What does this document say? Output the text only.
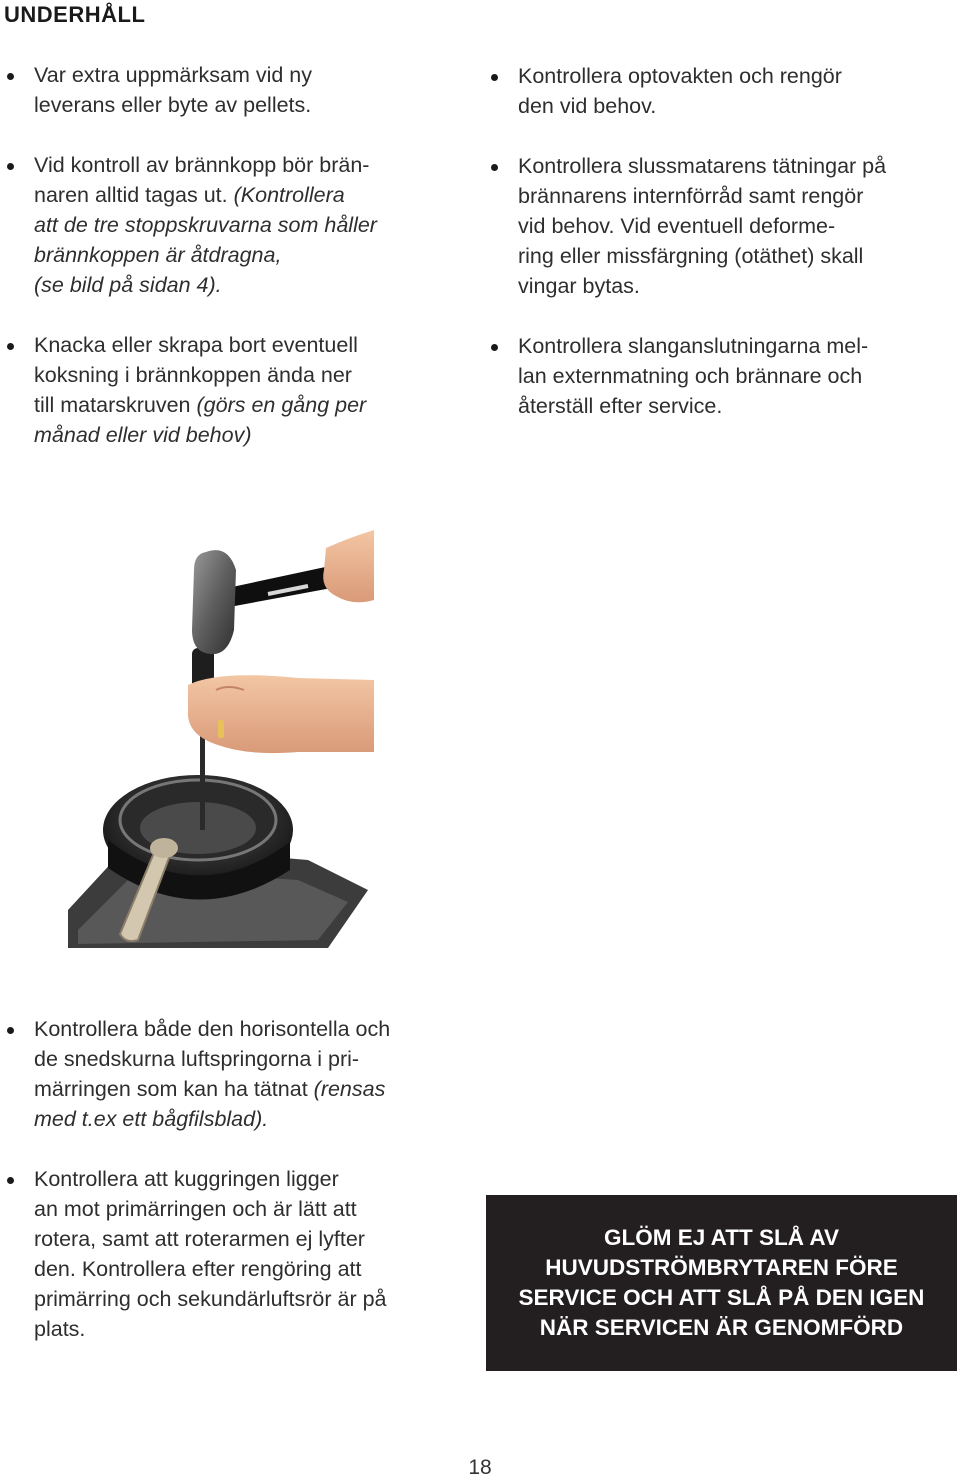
UNDERHÅLL
Var extra uppmärksam vid ny
leverans eller byte av pellets.
Vid kontroll av brännkopp bör brän-
naren alltid tagas ut. (Kontrollera
att de tre stoppskruvarna som håller
brännkoppen är åtdragna,
(se bild på sidan 4).
Knacka eller skrapa bort eventuell
koksning i brännkoppen ända ner
till matarskruven (görs en gång per
månad eller vid behov)
Kontrollera optovakten och rengör
den vid behov.
Kontrollera slussmatarens tätningar på
brännarens internförråd samt rengör
vid behov. Vid eventuell deforme-
ring eller missfärgning (otäthet) skall
vingar bytas.
Kontrollera slanganslutningarna mel-
lan externmatning och brännare och
återställ efter service.
Kontrollera både den horisontella och
de snedskurna luftspringorna i pri-
märringen som kan ha tätnat (rensas
med t.ex ett bågfilsblad).
Kontrollera att kuggringen ligger
an mot primärringen och är lätt att
rotera, samt att roterarmen ej lyfter
den. Kontrollera efter rengöring att
primärring och sekundärluftsrör är på
plats.
GLÖM EJ ATT SLÅ AV
HUVUDSTRÖMBRYTAREN FÖRE
SERVICE OCH ATT SLÅ PÅ DEN IGEN
NÄR SERVICEN ÄR GENOMFÖRD
18
